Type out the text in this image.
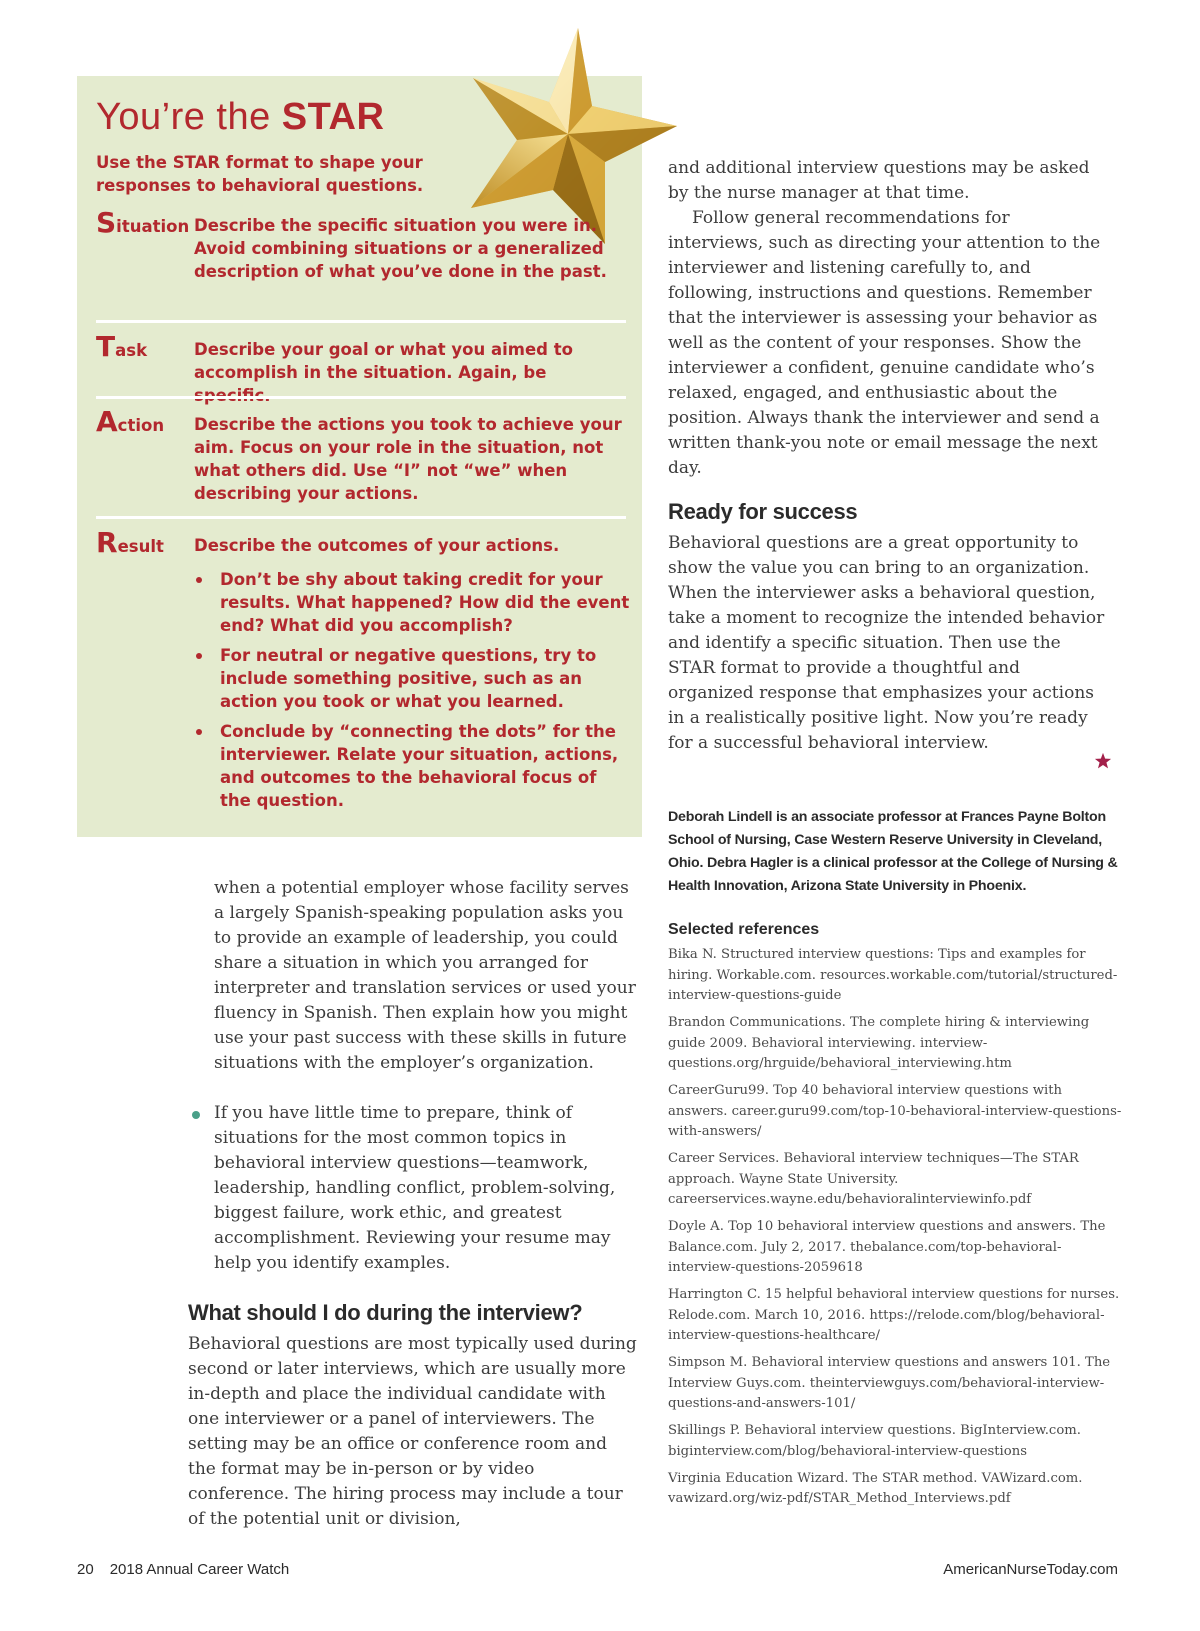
You’re the STAR
Use the STAR format to shape your responses to behavioral questions.
Situation Describe the specific situation you were in. Avoid combining situations or a generalized description of what you’ve done in the past.
Task	Describe your goal or what you aimed to accomplish in the situation. Again, be specific.
Action Describe the actions you took to achieve your aim. Focus on your role in the situation, not what others did. Use “I” not “we” when describing your actions.
Result Describe the outcomes of your actions.
Don’t be shy about taking credit for your results. What happened? How did the event end? What did you accomplish?
For neutral or negative questions, try to include something positive, such as an action you took or what you learned.
Conclude by “connecting the dots” for the interviewer. Relate your situation, actions, and outcomes to the behavioral focus of the question.
when a potential employer whose facility serves a largely Spanish-speaking population asks you to provide an example of leadership, you could share a situation in which you arranged for interpreter and translation services or used your fluency in Spanish. Then explain how you might use your past success with these skills in future situations with the employer’s organization.
If you have little time to prepare, think of situations for the most common topics in behavioral interview questions—teamwork, leadership, handling conflict, problem-solving, biggest failure, work ethic, and greatest accomplishment. Reviewing your resume may help you identify examples.
What should I do during the interview?
Behavioral questions are most typically used during second or later interviews, which are usually more in-depth and place the individual candidate with one interviewer or a panel of interviewers. The setting may be an office or conference room and the format may be in-person or by video conference. The hiring process may include a tour of the potential unit or division,
and additional interview questions may be asked by the nurse manager at that time.
Follow general recommendations for interviews, such as directing your attention to the interviewer and listening carefully to, and following, instructions and questions. Remember that the interviewer is assessing your behavior as well as the content of your responses. Show the interviewer a confident, genuine candidate who’s relaxed, engaged, and enthusiastic about the position. Always thank the interviewer and send a written thank-you note or email message the next day.
Ready for success
Behavioral questions are a great opportunity to show the value you can bring to an organization. When the interviewer asks a behavioral question, take a moment to recognize the intended behavior and identify a specific situation. Then use the STAR format to provide a thoughtful and organized response that emphasizes your actions in a realistically positive light. Now you’re ready for a successful behavioral interview.
Deborah Lindell is an associate professor at Frances Payne Bolton School of Nursing, Case Western Reserve University in Cleveland, Ohio. Debra Hagler is a clinical professor at the College of Nursing & Health Innovation, Arizona State University in Phoenix.
Selected references
Bika N. Structured interview questions: Tips and examples for hiring. Workable.com. resources.workable.com/tutorial/structured-interview-questions-guide
Brandon Communications. The complete hiring & interviewing guide 2009. Behavioral interviewing. interview-questions.org/hrguide/behavioral_interviewing.htm
CareerGuru99. Top 40 behavioral interview questions with answers. career.guru99.com/top-10-behavioral-interview-questions-with-answers/
Career Services. Behavioral interview techniques—The STAR approach. Wayne State University. careerservices.wayne.edu/behavioralinterviewinfo.pdf
Doyle A. Top 10 behavioral interview questions and answers. The Balance.com. July 2, 2017. thebalance.com/top-behavioral-interview-questions-2059618
Harrington C. 15 helpful behavioral interview questions for nurses. Relode.com. March 10, 2016. https://relode.com/blog/behavioral-interview-questions-healthcare/
Simpson M. Behavioral interview questions and answers 101. The Interview Guys.com. theinterviewguys.com/behavioral-interview-questions-and-answers-101/
Skillings P. Behavioral interview questions. BigInterview.com. biginterview.com/blog/behavioral-interview-questions
Virginia Education Wizard. The STAR method. VAWizard.com. vawizard.org/wiz-pdf/STAR_Method_Interviews.pdf
20 2018 Annual Career Watch	AmericanNurseToday.com
